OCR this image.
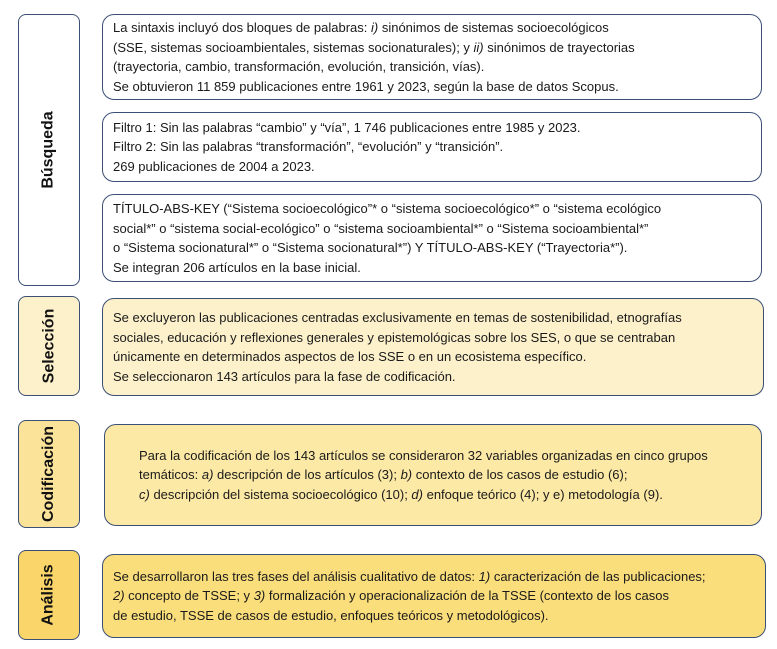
Búsqueda

La sintaxis incluyó dos bloques de palabras: i) sinónimos de sistemas socioecológicos

(SSE, sistemas socioambientales, sistemas socionaturales); y ii) sinónimos de trayectorias

(trayectoria, cambio, transformación, evolución, transición, vías).

Se obtuvieron 11 859 publicaciones entre 1961 y 2023, según la base de datos Scopus.

Filtro 1: Sin las palabras “cambio” y “vía”, 1 746 publicaciones entre 1985 y 2023.

Filtro 2: Sin las palabras “transformación”, “evolución” y “transición”.

269 publicaciones de 2004 a 2023.

TÍTULO-ABS-KEY (“Sistema socioecológico”* o “sistema socioecológico*” o “sistema ecológico

social*” o “sistema social-ecológico” o “sistema socioambiental*” o “Sistema socioambiental*”

o “Sistema socionatural*” o “Sistema socionatural*”) Y TÍTULO-ABS-KEY (“Trayectoria*”).

Se integran 206 artículos en la base inicial.

Selección	Se excluyeron las publicaciones centradas exclusivamente en temas de sostenibilidad, etnografías

sociales, educación y reflexiones generales y epistemológicas sobre los SES, o que se centraban

únicamente en determinados aspectos de los SSE o en un ecosistema específico.

Se seleccionaron 143 artículos para la fase de codificación.

Codificación	Para la codificación de los 143 artículos se consideraron 32 variables organizadas en cinco grupos

temáticos: a) descripción de los artículos (3); b) contexto de los casos de estudio (6);

c) descripción del sistema socioecológico (10); d) enfoque teórico (4); y e) metodología (9).

Análisis	Se desarrollaron las tres fases del análisis cualitativo de datos: 1) caracterización de las publicaciones;

2) concepto de TSSE; y 3) formalización y operacionalización de la TSSE (contexto de los casos

de estudio, TSSE de casos de estudio, enfoques teóricos y metodológicos).
